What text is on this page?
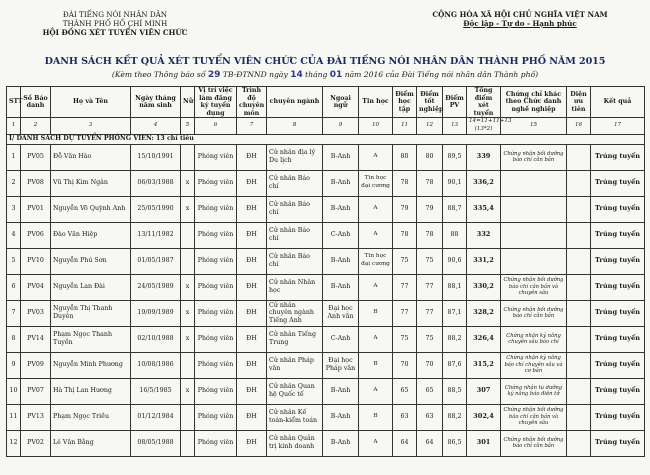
ĐÀI TIẾNG NÓI NHÂN DÂN
THÀNH PHỐ HỒ CHÍ MINH
HỘI ĐỒNG XÉT TUYỂN VIÊN CHỨC
CỘNG HÒA XÃ HỘI CHỦ NGHĨA VIỆT NAM
Độc lập - Tự do - Hạnh phúc
DANH SÁCH KẾT QUẢ XÉT TUYỂN VIÊN CHỨC CỦA ĐÀI TIẾNG NÓI NHÂN DÂN THÀNH PHỐ NĂM 2015
(Kèm theo Thông báo số 29 TB-ĐTNND ngày 14 tháng 01 năm 2016 của Đài Tiếng nói nhân dân Thành phố)
STT	Số Báo danh	Họ và Tên	Ngày tháng năm sinh	Nữ	Vị trí việc làm đăng ký tuyển dụng	Trình độ chuyên môn	chuyên ngành	Ngoại ngữ	Tin học	Điểm học tập	Điểm tốt nghiệp	Điểm PV	Tổng điểm xét tuyển	Chứng chỉ khác theo Chức danh nghề nghiệp	Diện ưu tiên	Kết quả
1	2	3	4	5	6	7	8	9	10	11	12	13	14=11+11+13 (13*2)	15	16	17
I/ DANH SÁCH DỰ TUYỂN PHÓNG VIÊN: 13 chỉ tiêu																
1	PV05	Đỗ Văn Hào	15/10/1991		Phóng viên	ĐH	Cử nhân địa lý Du lịch	B-Anh	A	80	80	89,5	339	Chứng nhận bồi dưỡng báo chí căn bản		Trúng tuyển
2	PV08	Vũ Thị Kim Ngân	06/03/1988	x	Phóng viên	ĐH	Cử nhân Báo chí	B-Anh	Tin học đại cương	78	78	90,1	336,2			Trúng tuyển
3	PV01	Nguyễn Võ Quỳnh Anh	25/05/1990	x	Phóng viên	ĐH	Cử nhân Báo chí	B-Anh	A	79	79	88,7	335,4			Trúng tuyển
4	PV06	Đào Văn Hiệp	13/11/1982		Phóng viên	ĐH	Cử nhân Báo chí	C-Anh	A	78	78	88	332			Trúng tuyển
5	PV10	Nguyễn Phú Sơn	01/05/1987		Phóng viên	ĐH	Cử nhân Báo chí	B-Anh	Tin học đại cương	75	75	90,6	331,2			Trúng tuyển
6	PV04	Nguyễn Lan Đài	24/05/1989	x	Phóng viên	ĐH	Cử nhân Nhân học	B-Anh	A	77	77	88,1	330,2	Chứng nhận bồi dưỡng báo chí căn bản và chuyên sâu		Trúng tuyển
7	PV03	Nguyễn Thị Thanh Duyên	19/09/1989	x	Phóng viên	ĐH	Cử nhân chuyên ngành Tiếng Anh	Đại học Anh văn	B	77	77	87,1	328,2	Chứng nhận bồi dưỡng báo chí căn bản		Trúng tuyển
8	PV14	Phạm Ngọc Thanh Tuyền	02/10/1988	x	Phóng viên	ĐH	Cử nhân Tiếng Trung	C-Anh	A	75	75	88,2	326,4	Chứng nhận kỹ năng chuyên sâu báo chí		Trúng tuyển
9	PV09	Nguyễn Minh Phương	10/08/1986		Phóng viên	ĐH	Cử nhân Pháp văn	Đại học Pháp văn	B	70	70	87,6	315,2	Chứng nhận kỹ năng báo chí chuyên sâu và cơ bản		Trúng tuyển
10	PV07	Hà Thị Lan Hương	16/5/1985	x	Phóng viên	ĐH	Cử nhân Quan hệ Quốc tế	B-Anh	A	65	65	88,5	307	Chứng nhận tu dưỡng kỹ năng báo điện tử		Trúng tuyển
11	PV13	Phạm Ngọc Triều	01/12/1984		Phóng viên	ĐH	Cử nhân Kế toán-kiểm toán	B-Anh	B	63	63	88,2	302,4	Chứng nhận bồi dưỡng báo chí căn bản và chuyên sâu		Trúng tuyển
12	PV02	Lê Văn Bằng	08/05/1988		Phóng viên	ĐH	Cử nhân Quản trị kinh doanh	B-Anh	A	64	64	86,5	301	Chứng nhận bồi dưỡng báo chí căn bản		Trúng tuyển
